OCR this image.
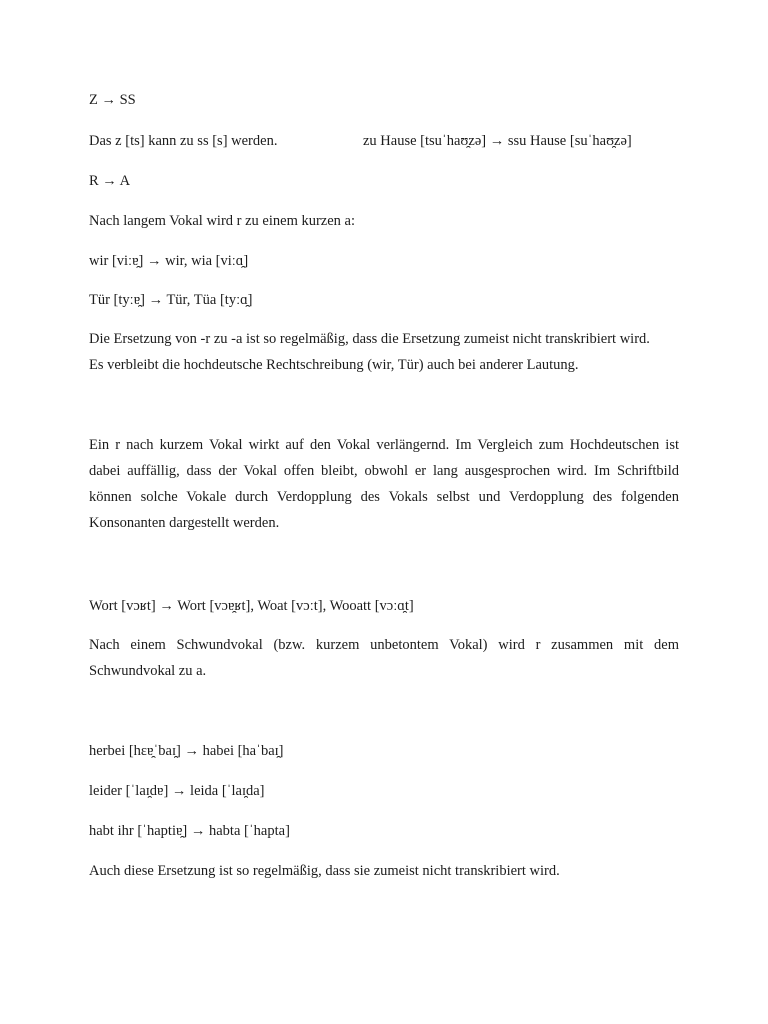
Z → SS
Das z [ts] kann zu ss [s] werden.	zu Hause [tsuˈhaʊ̯zə] → ssu Hause [suˈhaʊ̯zə]
R → A
Nach langem Vokal wird r zu einem kurzen a:
wir [viːɐ̯] → wir, wia [viːɑ̯]
Tür [tyːɐ̯] → Tür, Tüa [tyːɑ̯]
Die Ersetzung von -r zu -a ist so regelmäßig, dass die Ersetzung zumeist nicht transkribiert wird.
Es verbleibt die hochdeutsche Rechtschreibung (wir, Tür) auch bei anderer Lautung.
Ein r nach kurzem Vokal wirkt auf den Vokal verlängernd. Im Vergleich zum Hochdeutschen ist
dabei auffällig, dass der Vokal offen bleibt, obwohl er lang ausgesprochen wird. Im Schriftbild
können solche Vokale durch Verdopplung des Vokals selbst und Verdopplung des folgenden
Konsonanten dargestellt werden.
Wort [vɔʁt] → Wort [vɔɐ̯ʁt], Woat [vɔːt], Wooatt [vɔːɑ̯t]
Nach einem Schwundvokal (bzw. kurzem unbetontem Vokal) wird r zusammen mit dem
Schwundvokal zu a.
herbei [hɛɐ̯ˈbaɪ̯] → habei [haˈbaɪ̯]
leider [ˈlaɪ̯dɐ] → leida [ˈlaɪ̯da]
habt ihr [ˈhaptiɐ̯] → habta [ˈhapta]
Auch diese Ersetzung ist so regelmäßig, dass sie zumeist nicht transkribiert wird.
